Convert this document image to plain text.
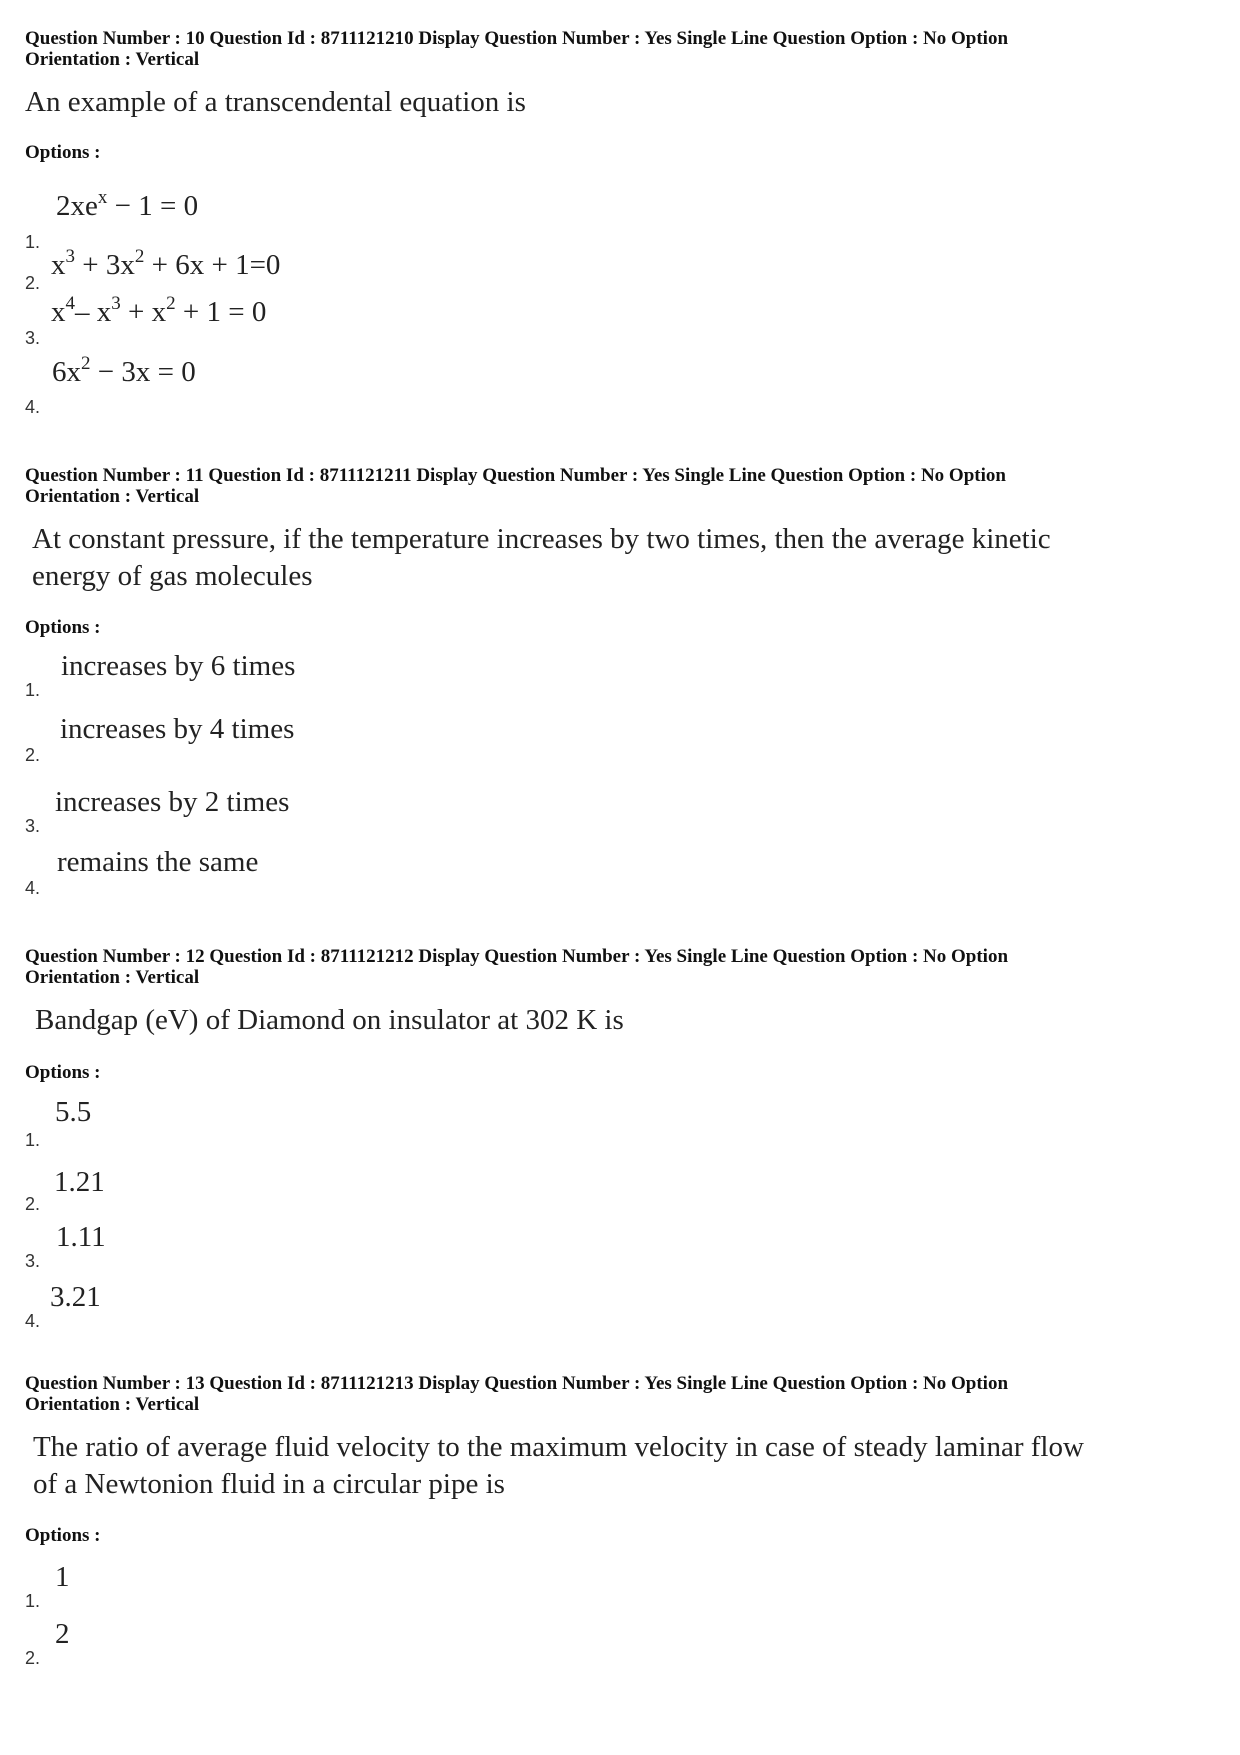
Question Number : 10 Question Id : 8711121210 Display Question Number : Yes Single Line Question Option : No Option

Orientation : Vertical

An example of a transcendental equation is

Options :
1.
$2xe^x - 1 = 0$
2.
$x^3 + 3x^2 + 6x + 1=0$
3.
$x^4-$ $x^3 + x^2 + 1 = 0$
4.
$6x^2 - 3x = 0$

Question Number : 11 Question Id : 8711121211 Display Question Number : Yes Single Line Question Option : No Option

Orientation : Vertical

At constant pressure, if the temperature increases by two times, then the average kinetic

energy of gas molecules

Options :
1.
increases by 6 times
2.
increases by 4 times
3.
increases by 2 times
4.
remains the same

Question Number : 12 Question Id : 8711121212 Display Question Number : Yes Single Line Question Option : No Option

Orientation : Vertical

Bandgap (eV) of Diamond on insulator at 302 K is

Options :
1.
5.5
2.
1.21
3.
1.11
4.
3.21

Question Number : 13 Question Id : 8711121213 Display Question Number : Yes Single Line Question Option : No Option

Orientation : Vertical

The ratio of average fluid velocity to the maximum velocity in case of steady laminar flow

of a Newtonion fluid in a circular pipe is

Options :
1.
1
2.
2
